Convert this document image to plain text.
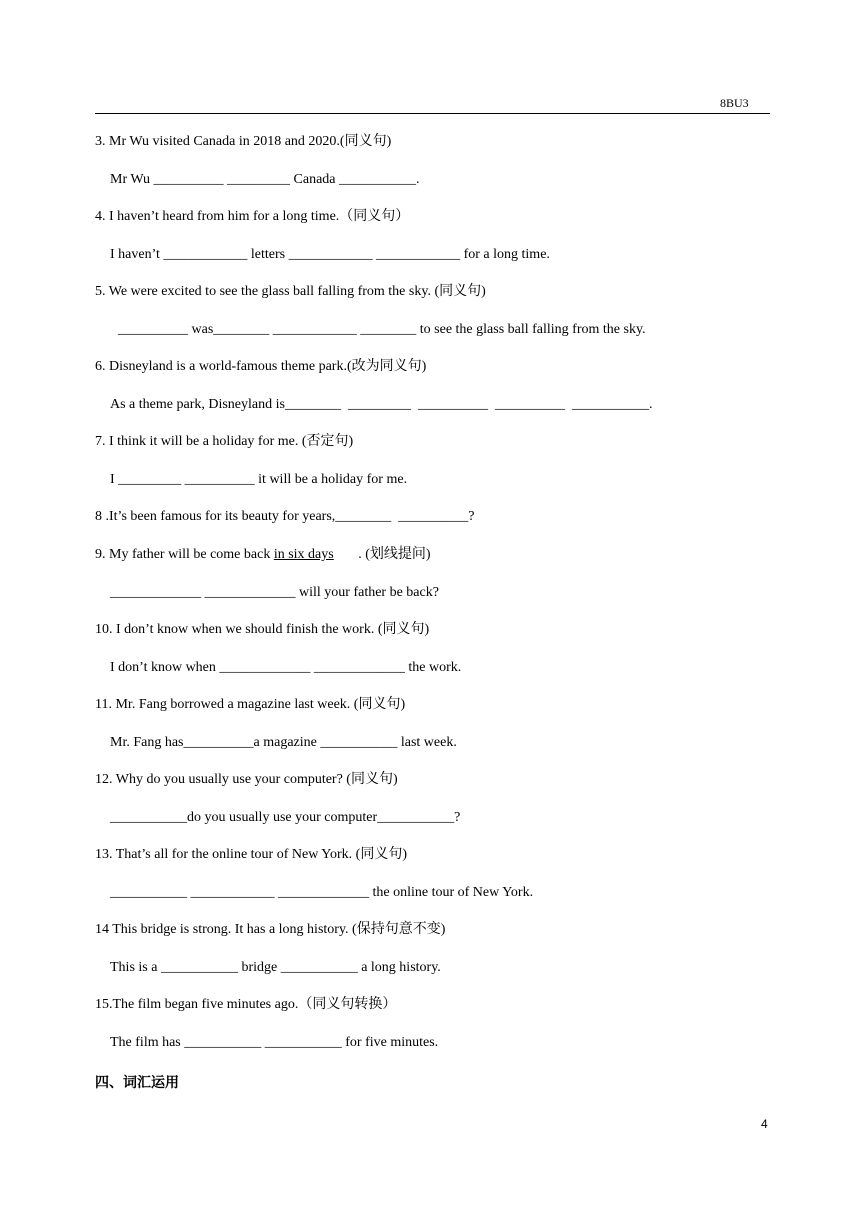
8BU3
3. Mr Wu visited Canada in 2018 and 2020.(同义句)
Mr Wu __________ _________ Canada ___________.
4. I haven’t heard from him for a long time.（同义句）
I haven’t ____________ letters ____________ ____________ for a long time.
5. We were excited to see the glass ball falling from the sky. (同义句)
__________ was________ ____________ ________ to see the glass ball falling from the sky.
6. Disneyland is a world-famous theme park.(改为同义句)
As a theme park, Disneyland is________  _________  __________  __________  ___________.
7. I think it will be a holiday for me. (否定句)
I _________ __________ it will be a holiday for me.
8 .It’s been famous for its beauty for years,________  __________?
9. My father will be come back in six days       . (划线提问)
_____________ _____________ will your father be back?
10. I don’t know when we should finish the work. (同义句)
I don’t know when _____________ _____________ the work.
11. Mr. Fang borrowed a magazine last week. (同义句)
Mr. Fang has__________a magazine ___________ last week.
12. Why do you usually use your computer? (同义句)
___________do you usually use your computer___________?
13. That’s all for the online tour of New York. (同义句)
___________ ____________ _____________ the online tour of New York.
14 This bridge is strong. It has a long history. (保持句意不变)
This is a ___________ bridge ___________ a long history.
15.The film began five minutes ago.（同义句转换）
The film has ___________ ___________ for five minutes.
四、词汇运用
4
